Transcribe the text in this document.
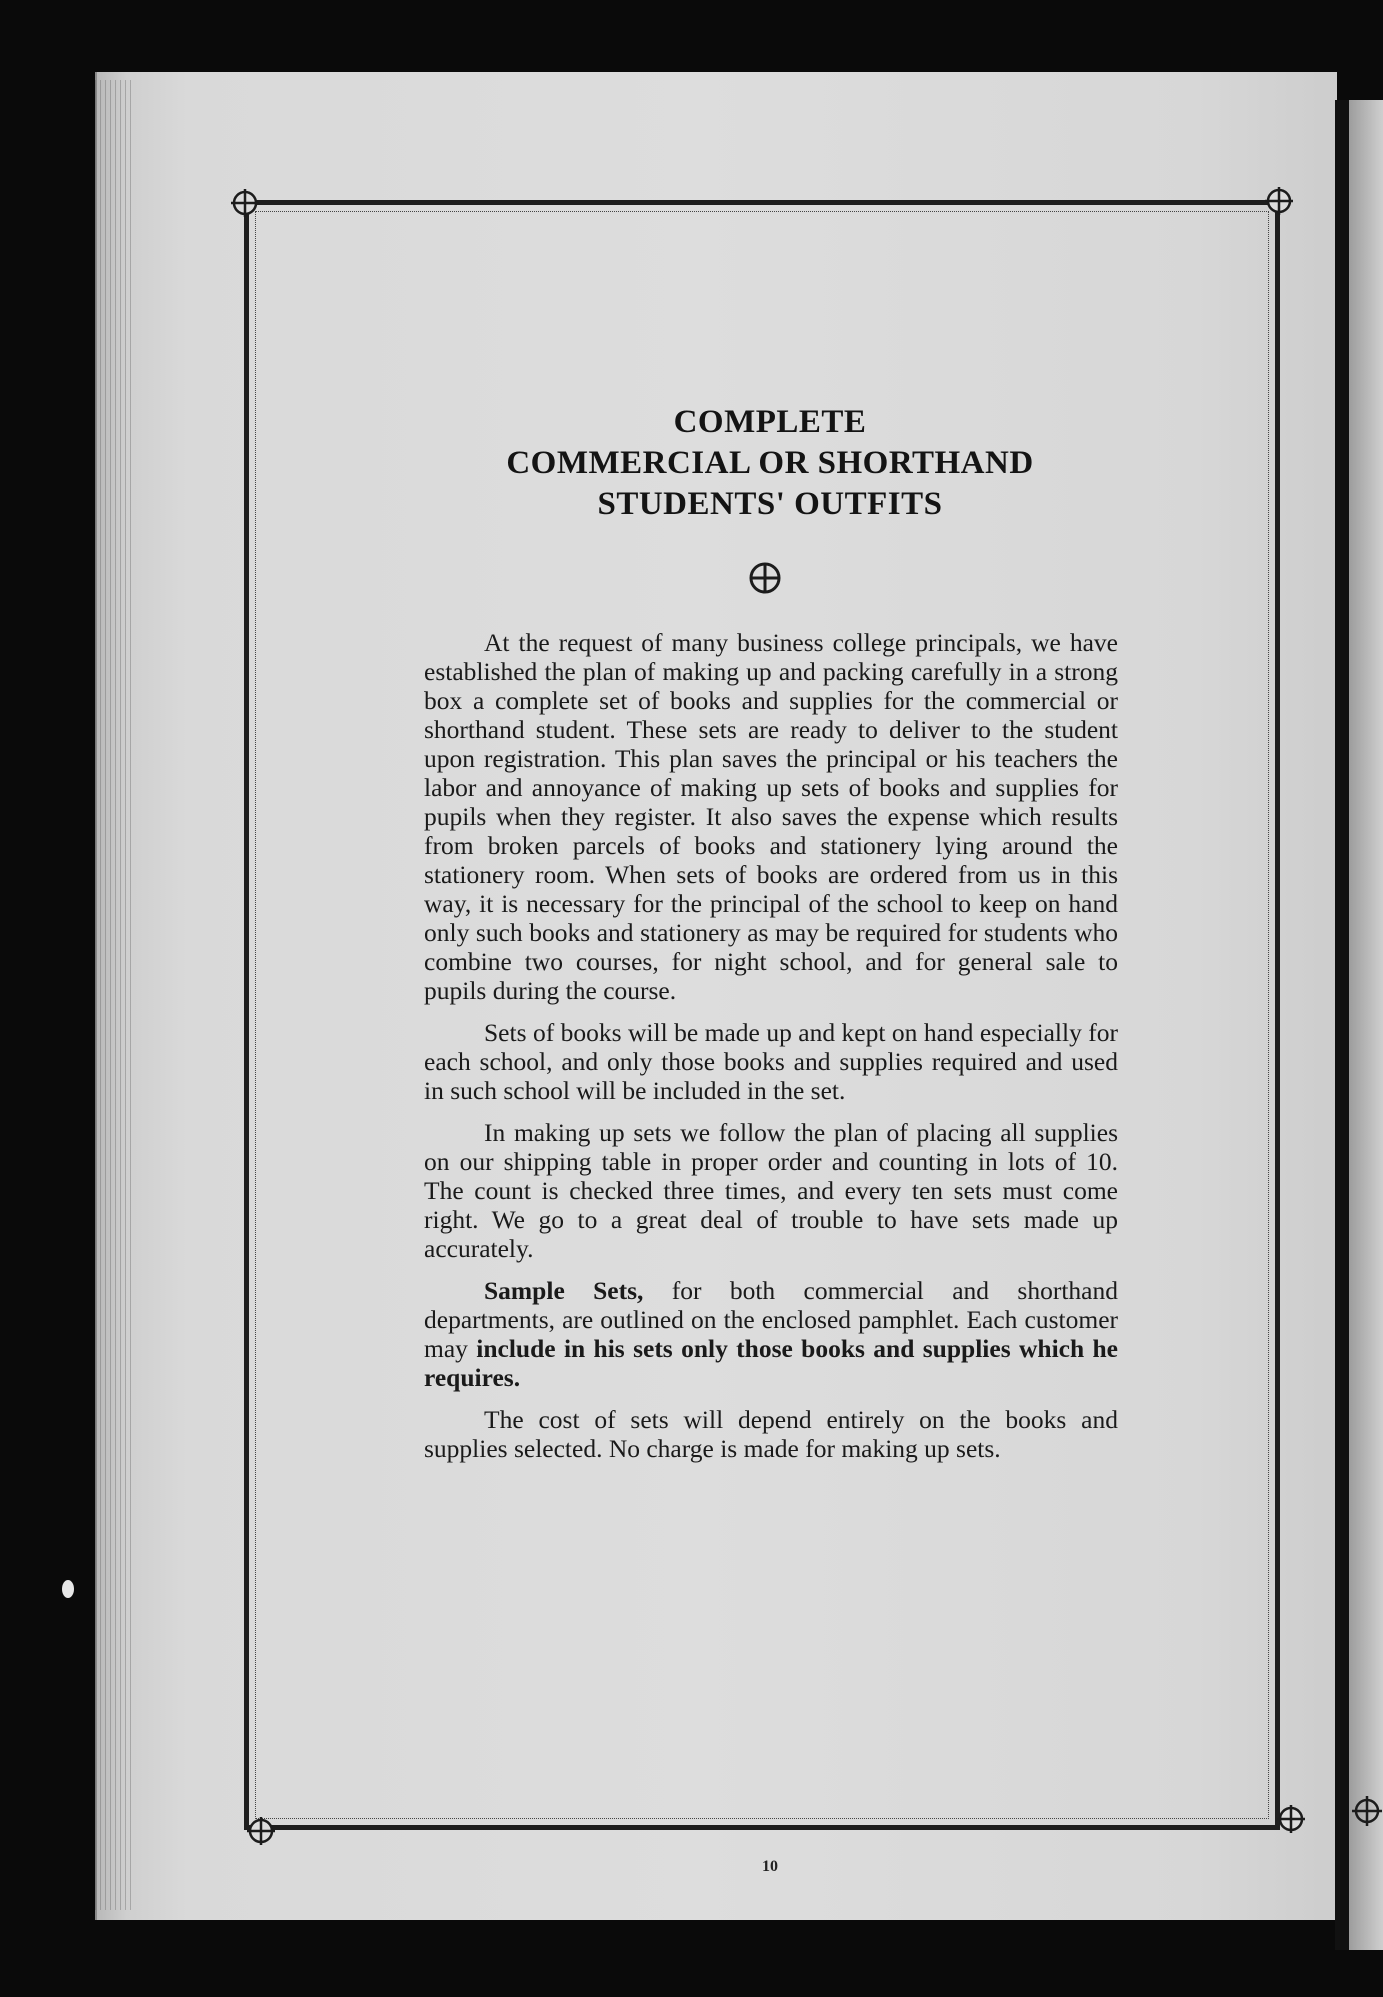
COMPLETE
COMMERCIAL OR SHORTHAND
STUDENTS' OUTFITS

At the request of many business college principals, we have established the plan of making up and packing carefully in a strong box a complete set of books and supplies for the commercial or shorthand student. These sets are ready to deliver to the student upon registration. This plan saves the principal or his teachers the labor and annoyance of making up sets of books and supplies for pupils when they register. It also saves the expense which results from broken parcels of books and stationery lying around the stationery room. When sets of books are ordered from us in this way, it is necessary for the principal of the school to keep on hand only such books and stationery as may be required for students who combine two courses, for night school, and for general sale to pupils during the course.

Sets of books will be made up and kept on hand especially for each school, and only those books and supplies required and used in such school will be included in the set.

In making up sets we follow the plan of placing all supplies on our shipping table in proper order and counting in lots of 10. The count is checked three times, and every ten sets must come right. We go to a great deal of trouble to have sets made up accurately.

Sample Sets, for both commercial and shorthand departments, are outlined on the enclosed pamphlet. Each customer may include in his sets only those books and supplies which he requires.

The cost of sets will depend entirely on the books and supplies selected. No charge is made for making up sets.

10
